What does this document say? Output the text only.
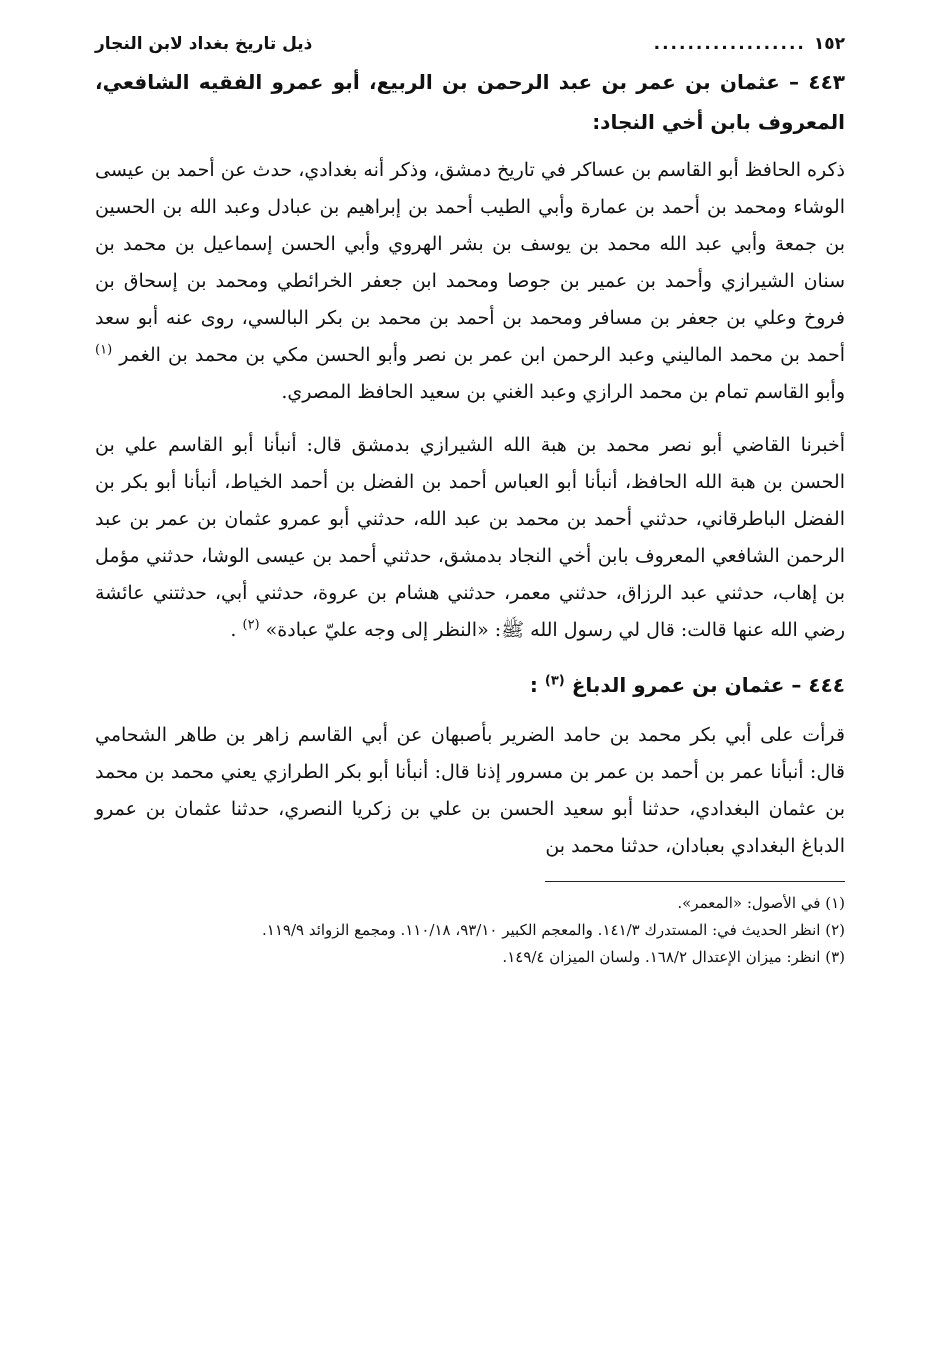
١٥٢
..................
ذيل تاريخ بغداد لابن النجار
٤٤٣ – عثمان بن عمر بن عبد الرحمن بن الربيع، أبو عمرو الفقيه الشافعي، المعروف بابن أخي النجاد:

ذكره الحافظ أبو القاسم بن عساكر في تاريخ دمشق، وذكر أنه بغدادي، حدث عن أحمد بن عيسى الوشاء ومحمد بن أحمد بن عمارة وأبي الطيب أحمد بن إبراهيم بن عبادل وعبد الله بن الحسين بن جمعة وأبي عبد الله محمد بن يوسف بن بشر الهروي وأبي الحسن إسماعيل بن محمد بن سنان الشيرازي وأحمد بن عمير بن جوصا ومحمد ابن جعفر الخرائطي ومحمد بن إسحاق بن فروخ وعلي بن جعفر بن مسافر ومحمد بن أحمد بن محمد بن بكر البالسي، روى عنه أبو سعد أحمد بن محمد الماليني وعبد الرحمن ابن عمر بن نصر وأبو الحسن مكي بن محمد بن الغمر $^{(١)}$ وأبو القاسم تمام بن محمد الرازي وعبد الغني بن سعيد الحافظ المصري.

أخبرنا القاضي أبو نصر محمد بن هبة الله الشيرازي بدمشق قال: أنبأنا أبو القاسم علي بن الحسن بن هبة الله الحافظ، أنبأنا أبو العباس أحمد بن الفضل بن أحمد الخياط، أنبأنا أبو بكر بن الفضل الباطرقاني، حدثني أحمد بن محمد بن عبد الله، حدثني أبو عمرو عثمان بن عمر بن عبد الرحمن الشافعي المعروف بابن أخي النجاد بدمشق، حدثني أحمد بن عيسى الوشا، حدثني مؤمل بن إهاب، حدثني عبد الرزاق، حدثني معمر، حدثني هشام بن عروة، حدثني أبي، حدثتني عائشة رضي الله عنها قالت: قال لي رسول الله ﷺ: «النظر إلى وجه عليّ عبادة» $^{(٢)}$ .

٤٤٤ – عثمان بن عمرو الدباغ $^{(٣)}$ :

قرأت على أبي بكر محمد بن حامد الضرير بأصبهان عن أبي القاسم زاهر بن طاهر الشحامي قال: أنبأنا عمر بن أحمد بن عمر بن مسرور إذنا قال: أنبأنا أبو بكر الطرازي يعني محمد بن محمد بن عثمان البغدادي، حدثنا أبو سعيد الحسن بن علي بن زكريا النصري، حدثنا عثمان بن عمرو الدباغ البغدادي بعبادان، حدثنا محمد بن

(١) في الأصول: «المعمر».

(٢) انظر الحديث في: المستدرك ١٤١/٣. والمعجم الكبير ٩٣/١٠، ١١٠/١٨. ومجمع الزوائد ١١٩/٩.

(٣) انظر: ميزان الإعتدال ١٦٨/٢. ولسان الميزان ١٤٩/٤.
